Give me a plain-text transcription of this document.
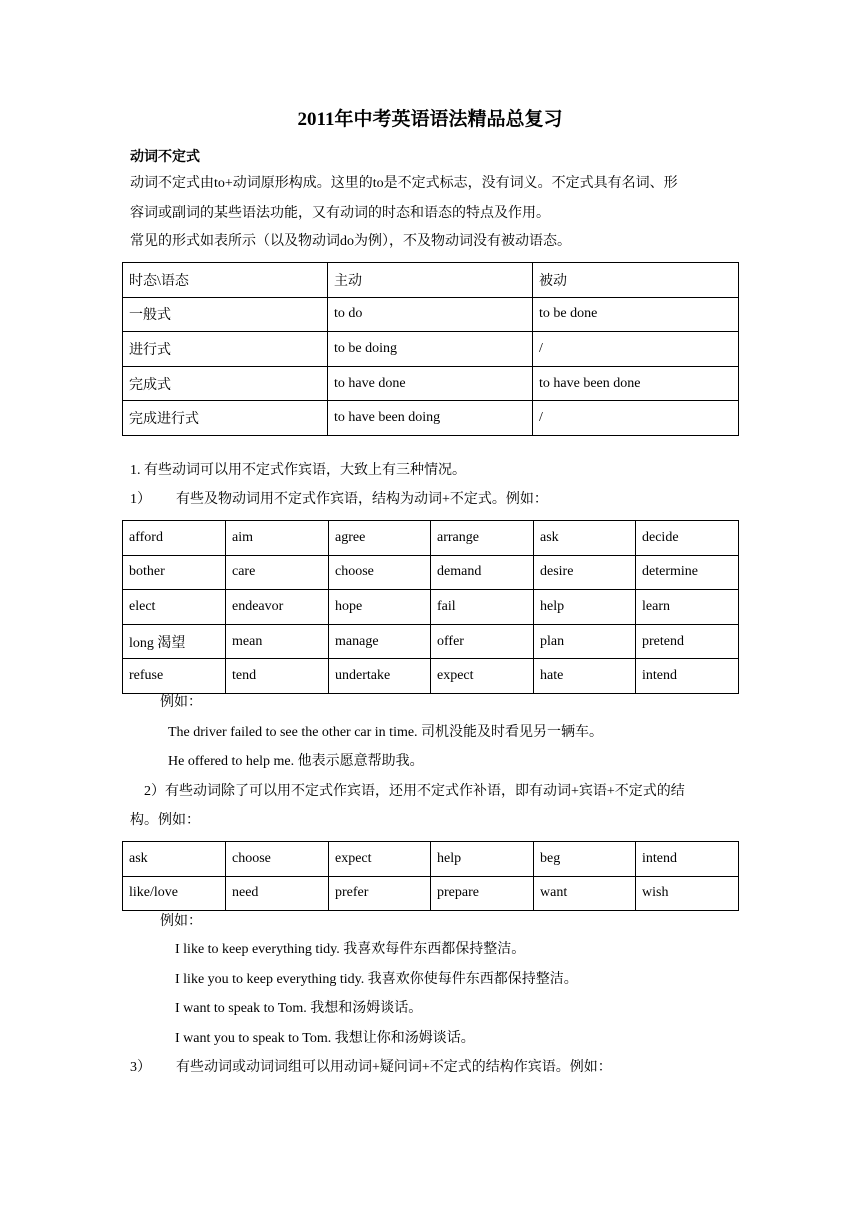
2011年中考英语语法精品总复习
动词不定式
动词不定式由to+动词原形构成。这里的to是不定式标志，没有词义。不定式具有名词、形
容词或副词的某些语法功能，又有动词的时态和语态的特点及作用。
常见的形式如表所示（以及物动词do为例），不及物动词没有被动语态。
时态\语态	主动	被动
一般式	to do	to be done
进行式	to be doing	/
完成式	to have done	to have been done
完成进行式	to have been doing	/
1. 有些动词可以用不定式作宾语，大致上有三种情况。
1） 有些及物动词用不定式作宾语，结构为动词+不定式。例如：
afford	aim	agree	arrange	ask	decide
bother	care	choose	demand	desire	determine
elect	endeavor	hope	fail	help	learn
long 渴望	mean	manage	offer	plan	pretend
refuse	tend	undertake	expect	hate	intend
例如：
The driver failed to see the other car in time. 司机没能及时看见另一辆车。
He offered to help me. 他表示愿意帮助我。
2）有些动词除了可以用不定式作宾语，还用不定式作补语，即有动词+宾语+不定式的结
构。例如：
ask	choose	expect	help	beg	intend
like/love	need	prefer	prepare	want	wish
例如：
I like to keep everything tidy. 我喜欢每件东西都保持整洁。
I like you to keep everything tidy. 我喜欢你使每件东西都保持整洁。
I want to speak to Tom. 我想和汤姆谈话。
I want you to speak to Tom. 我想让你和汤姆谈话。
3） 有些动词或动词词组可以用动词+疑问词+不定式的结构作宾语。例如：
